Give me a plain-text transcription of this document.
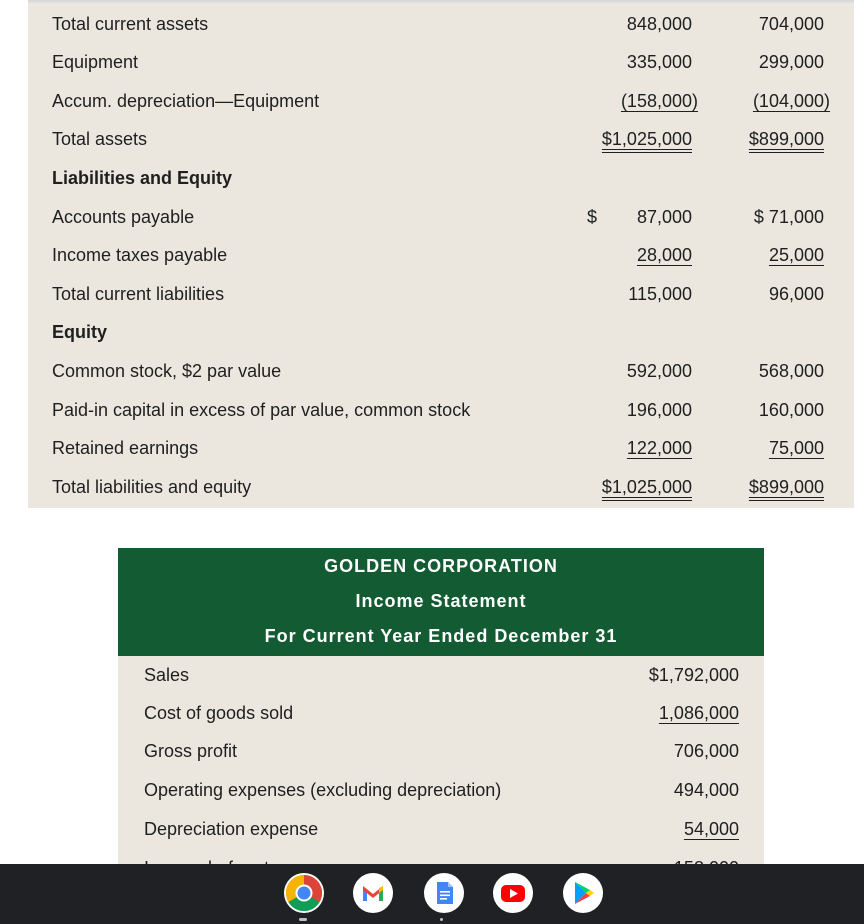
Total current assets	848,000	704,000
Equipment	335,000	299,000
Accum. depreciation—Equipment	(158,000)	(104,000)
Total assets	$1,025,000	$899,000
Liabilities and Equity
Accounts payable	$	87,000	$ 71,000
Income taxes payable	28,000	25,000
Total current liabilities	115,000	96,000
Equity
Common stock, $2 par value	592,000	568,000
Paid-in capital in excess of par value, common stock	196,000	160,000
Retained earnings	122,000	75,000
Total liabilities and equity	$1,025,000	$899,000
GOLDEN CORPORATION
Income Statement
For Current Year Ended December 31
Sales	$1,792,000
Cost of goods sold	1,086,000
Gross profit	706,000
Operating expenses (excluding depreciation)	494,000
Depreciation expense	54,000
